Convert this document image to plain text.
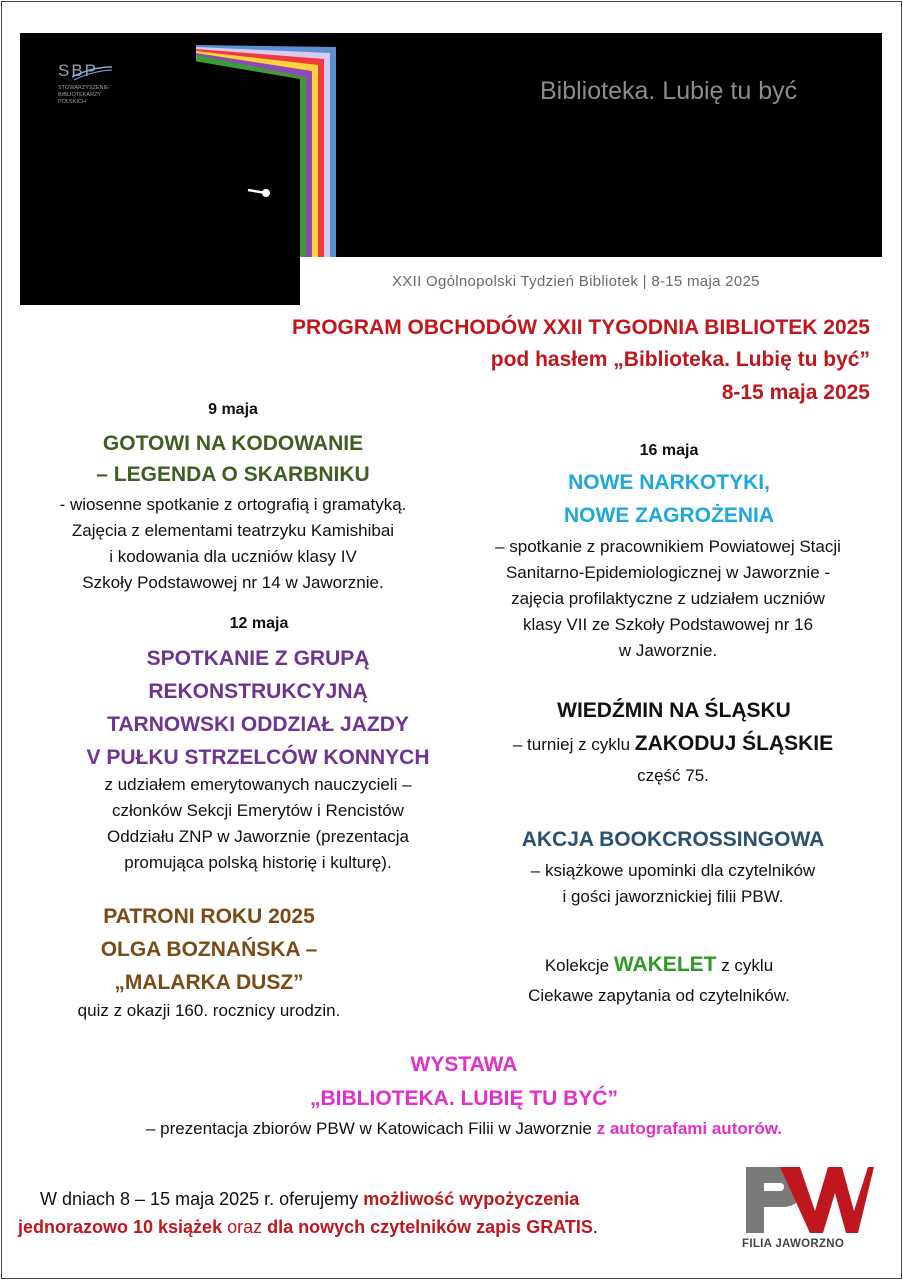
SBP
STOWARZYSZENIE BIBLIOTEKARZY POLSKICH	Biblioteka. Lubię tu być
XXII Ogólnopolski Tydzień Bibliotek | 8-15 maja 2025
PROGRAM OBCHODÓW XXII TYGODNIA BIBLIOTEK 2025
pod hasłem „Biblioteka. Lubię tu być”
8-15 maja 2025
9 maja
GOTOWI NA KODOWANIE
– LEGENDA O SKARBNIKU
- wiosenne spotkanie z ortografią i gramatyką.
Zajęcia z elementami teatrzyku Kamishibai
i kodowania dla uczniów klasy IV
Szkoły Podstawowej nr 14 w Jaworznie.
12 maja
SPOTKANIE Z GRUPĄ
REKONSTRUKCYJNĄ
TARNOWSKI ODDZIAŁ JAZDY
V PUŁKU STRZELCÓW KONNYCH
z udziałem emerytowanych nauczycieli –
członków Sekcji Emerytów i Rencistów
Oddziału ZNP w Jaworznie (prezentacja
promująca polską historię i kulturę).
PATRONI ROKU 2025
OLGA BOZNAŃSKA –
„MALARKA DUSZ”
quiz z okazji 160. rocznicy urodzin.
16 maja
NOWE NARKOTYKI,
NOWE ZAGROŻENIA
– spotkanie z pracownikiem Powiatowej Stacji
Sanitarno-Epidemiologicznej w Jaworznie -
zajęcia profilaktyczne z udziałem uczniów
klasy VII ze Szkoły Podstawowej nr 16
w Jaworznie.
WIEDŹMIN NA ŚLĄSKU
– turniej z cyklu ZAKODUJ ŚLĄSKIE
część 75.
AKCJA BOOKCROSSINGOWA
– książkowe upominki dla czytelników
i gości jaworznickiej filii PBW.
Kolekcje WAKELET z cyklu
Ciekawe zapytania od czytelników.
WYSTAWA
„BIBLIOTEKA. LUBIĘ TU BYĆ”
– prezentacja zbiorów PBW w Katowicach Filii w Jaworznie z autografami autorów.
W dniach 8 – 15 maja 2025 r. oferujemy możliwość wypożyczenia
jednorazowo 10 książek oraz dla nowych czytelników zapis GRATIS.
FILIA JAWORZNO
